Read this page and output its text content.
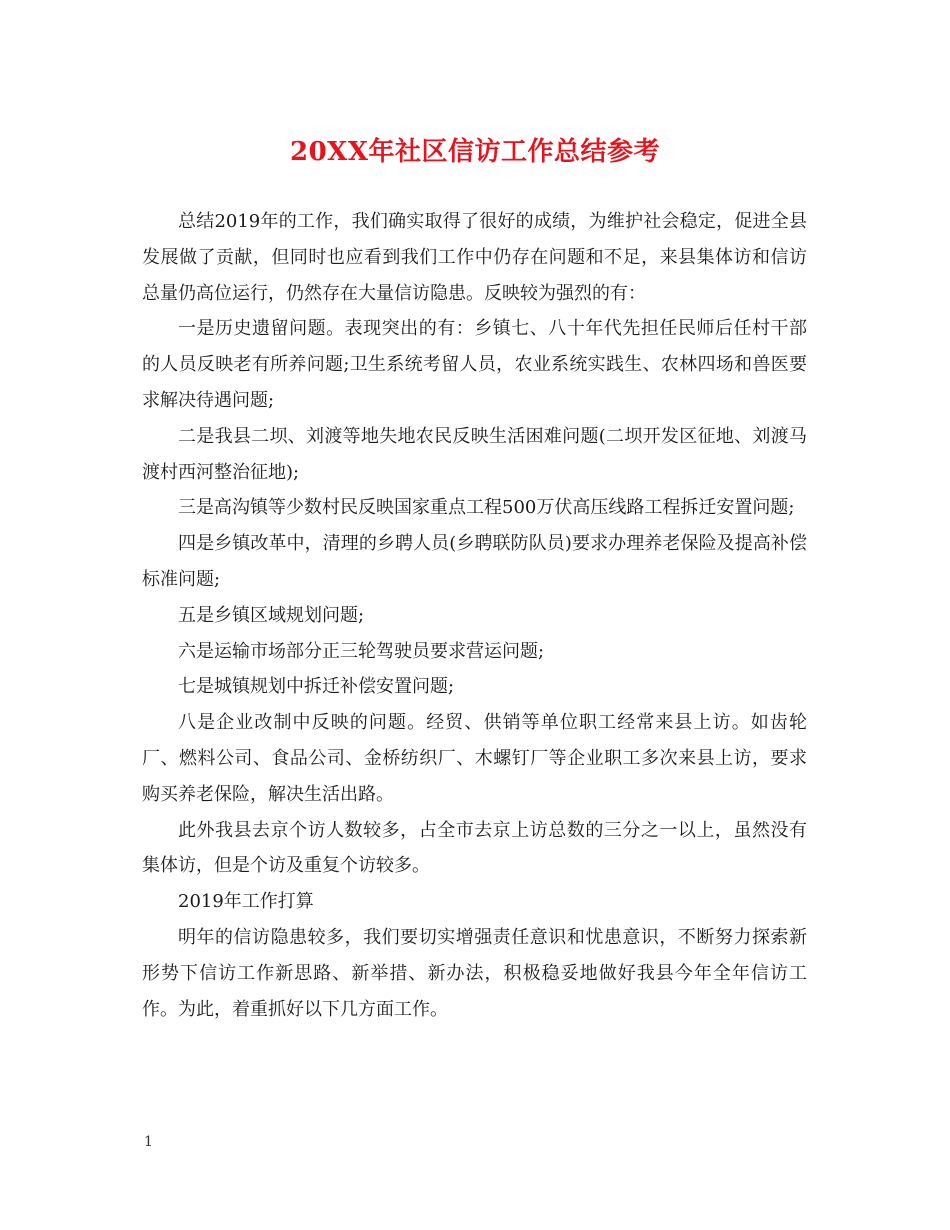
20XX年社区信访工作总结参考

总结2019年的工作，我们确实取得了很好的成绩，为维护社会稳定，促进全县发展做了贡献，但同时也应看到我们工作中仍存在问题和不足，来县集体访和信访总量仍高位运行，仍然存在大量信访隐患。反映较为强烈的有：

一是历史遗留问题。表现突出的有：乡镇七、八十年代先担任民师后任村干部的人员反映老有所养问题;卫生系统考留人员，农业系统实践生、农林四场和兽医要求解决待遇问题;

二是我县二坝、刘渡等地失地农民反映生活困难问题(二坝开发区征地、刘渡马渡村西河整治征地);

三是高沟镇等少数村民反映国家重点工程500万伏高压线路工程拆迁安置问题;

四是乡镇改革中，清理的乡聘人员(乡聘联防队员)要求办理养老保险及提高补偿标准问题;

五是乡镇区域规划问题;

六是运输市场部分正三轮驾驶员要求营运问题;

七是城镇规划中拆迁补偿安置问题;

八是企业改制中反映的问题。经贸、供销等单位职工经常来县上访。如齿轮厂、燃料公司、食品公司、金桥纺织厂、木螺钉厂等企业职工多次来县上访，要求购买养老保险，解决生活出路。

此外我县去京个访人数较多，占全市去京上访总数的三分之一以上，虽然没有集体访，但是个访及重复个访较多。

2019年工作打算

明年的信访隐患较多，我们要切实增强责任意识和忧患意识，不断努力探索新形势下信访工作新思路、新举措、新办法，积极稳妥地做好我县今年全年信访工作。为此，着重抓好以下几方面工作。

1
